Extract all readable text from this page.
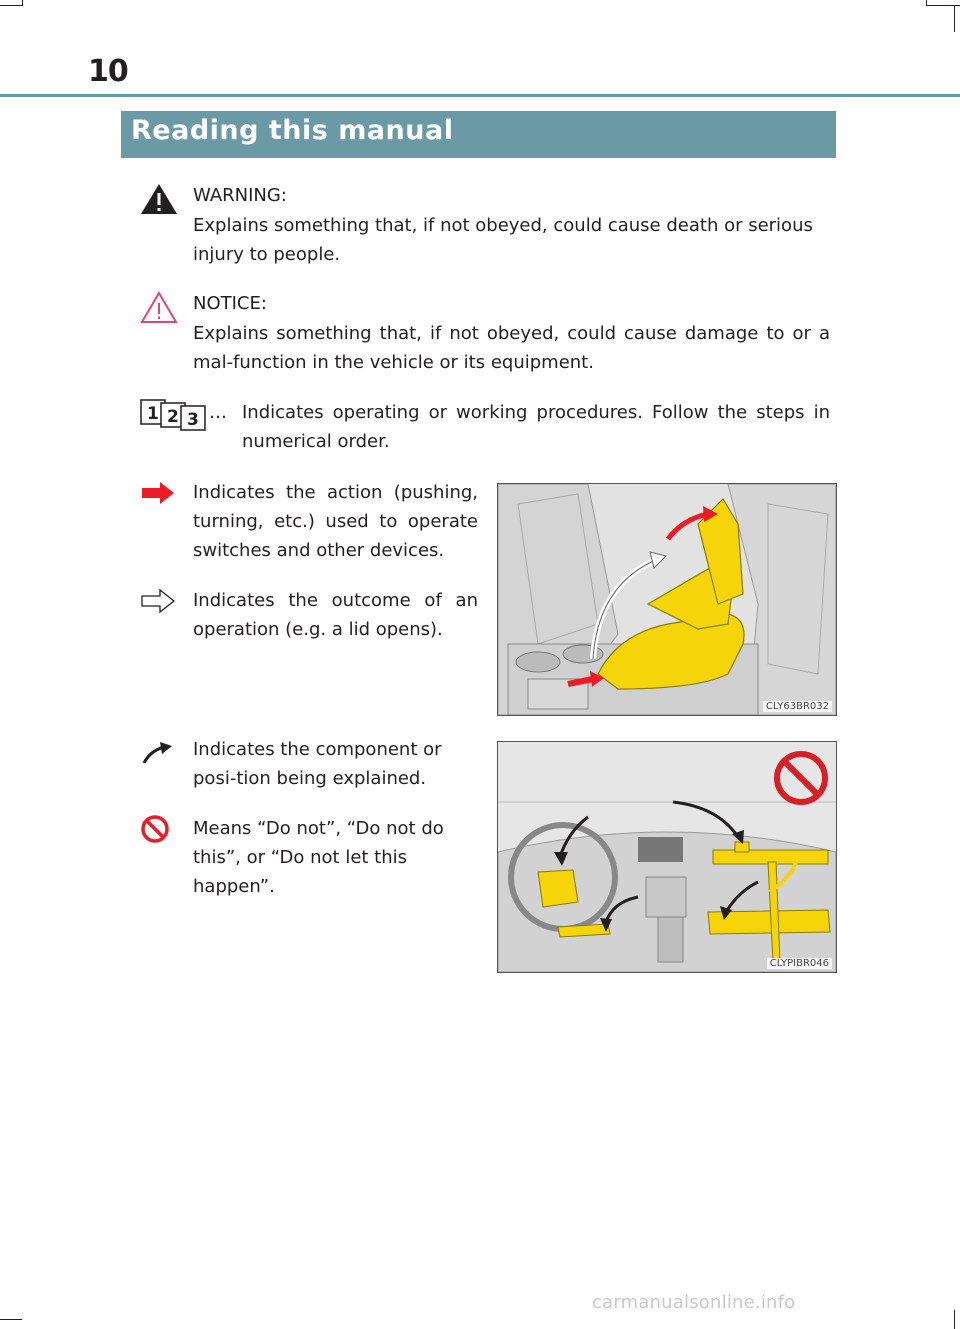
10
Reading this manual
WARNING:
Explains something that, if not obeyed, could cause death or serious injury to people.
NOTICE:
Explains something that, if not obeyed, could cause damage to or a mal-function in the vehicle or its equipment.
1 2 3 … Indicates operating or working procedures. Follow the steps in numerical order.
Indicates the action (pushing, turning, etc.) used to operate switches and other devices.
Indicates the outcome of an operation (e.g. a lid opens).
CLY63BR032
Indicates the component or posi-tion being explained.
Means “Do not”, “Do not do this”, or “Do not let this happen”.
CLYPIBR046
carmanualsonline.info
